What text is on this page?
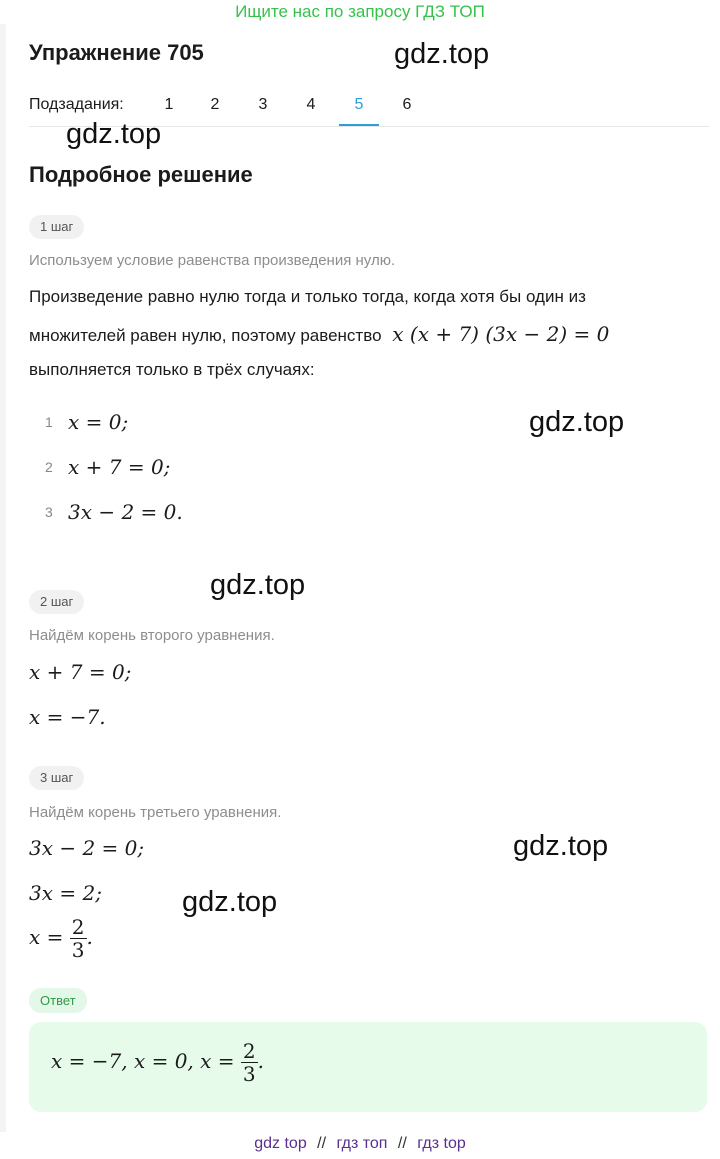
Ищите нас по запросу ГДЗ ТОП
Упражнение 705	gdz.top
Подзадания:	1	2	3	4	5	6
gdz.top
Подробное решение
1 шаг
Используем условие равенства произведения нулю.
Произведение равно нулю тогда и только тогда, когда хотя бы один из
множителей равен нулю, поэтому равенство x (x + 7) (3x − 2) = 0
выполняется только в трёх случаях:
1 x = 0;
2 x + 7 = 0;
3 3x − 2 = 0.
gdz.top
gdz.top
2 шаг
Найдём корень второго уравнения.
x + 7 = 0;
x = −7.
3 шаг
Найдём корень третьего уравнения.
3x − 2 = 0;
3x = 2;
$x = \frac{2}{3}$ .
gdz.top
gdz.top
Ответ
x = −7, x = 0, $x = \frac{2}{3}$ .
gdz top // гдз топ // гдз top
